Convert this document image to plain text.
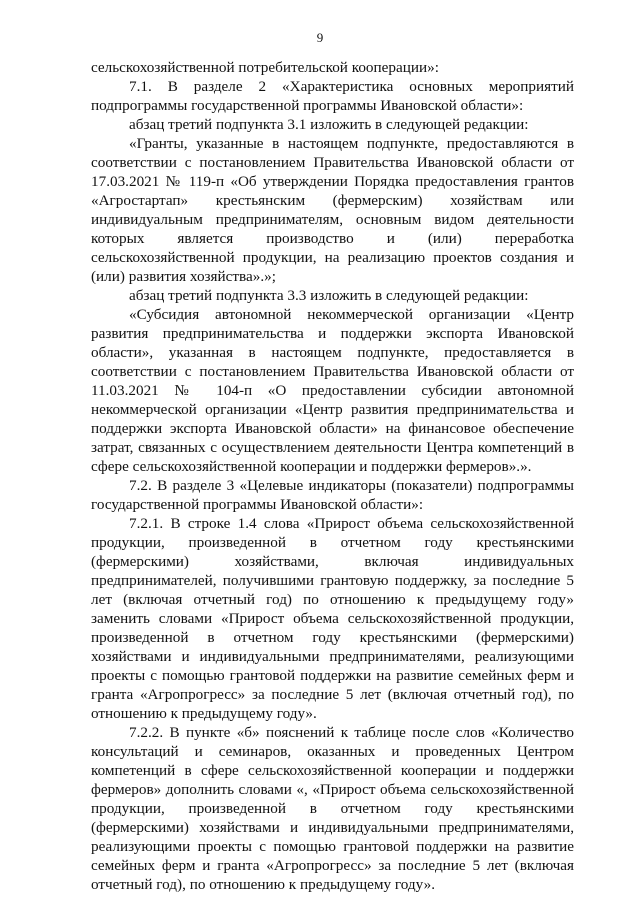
9

сельскохозяйственной потребительской кооперации»:

7.1. В разделе 2 «Характеристика основных мероприятий подпрограммы государственной программы Ивановской области»:

абзац третий подпункта 3.1 изложить в следующей редакции:

«Гранты, указанные в настоящем подпункте, предоставляются в соответствии с постановлением Правительства Ивановской области от 17.03.2021 № 119-п «Об утверждении Порядка предоставления грантов «Агростартап» крестьянским (фермерским) хозяйствам или индивидуальным предпринимателям, основным видом деятельности которых является производство и (или) переработка сельскохозяйственной продукции, на реализацию проектов создания и (или) развития хозяйства».»;

абзац третий подпункта 3.3 изложить в следующей редакции:

«Субсидия автономной некоммерческой организации «Центр развития предпринимательства и поддержки экспорта Ивановской области», указанная в настоящем подпункте, предоставляется в соответствии с постановлением Правительства Ивановской области от 11.03.2021 № 104-п «О предоставлении субсидии автономной некоммерческой организации «Центр развития предпринимательства и поддержки экспорта Ивановской области» на финансовое обеспечение затрат, связанных с осуществлением деятельности Центра компетенций в сфере сельскохозяйственной кооперации и поддержки фермеров».».

7.2. В разделе 3 «Целевые индикаторы (показатели) подпрограммы государственной программы Ивановской области»:

7.2.1. В строке 1.4 слова «Прирост объема сельскохозяйственной продукции, произведенной в отчетном году крестьянскими (фермерскими) хозяйствами, включая индивидуальных предпринимателей, получившими грантовую поддержку, за последние 5 лет (включая отчетный год) по отношению к предыдущему году» заменить словами «Прирост объема сельскохозяйственной продукции, произведенной в отчетном году крестьянскими (фермерскими) хозяйствами и индивидуальными предпринимателями, реализующими проекты с помощью грантовой поддержки на развитие семейных ферм и гранта «Агропрогресс» за последние 5 лет (включая отчетный год), по отношению к предыдущему году».

7.2.2. В пункте «б» пояснений к таблице после слов «Количество консультаций и семинаров, оказанных и проведенных Центром компетенций в сфере сельскохозяйственной кооперации и поддержки фермеров» дополнить словами «, «Прирост объема сельскохозяйственной продукции, произведенной в отчетном году крестьянскими (фермерскими) хозяйствами и индивидуальными предпринимателями, реализующими проекты с помощью грантовой поддержки на развитие семейных ферм и гранта «Агропрогресс» за последние 5 лет (включая отчетный год), по отношению к предыдущему году».
